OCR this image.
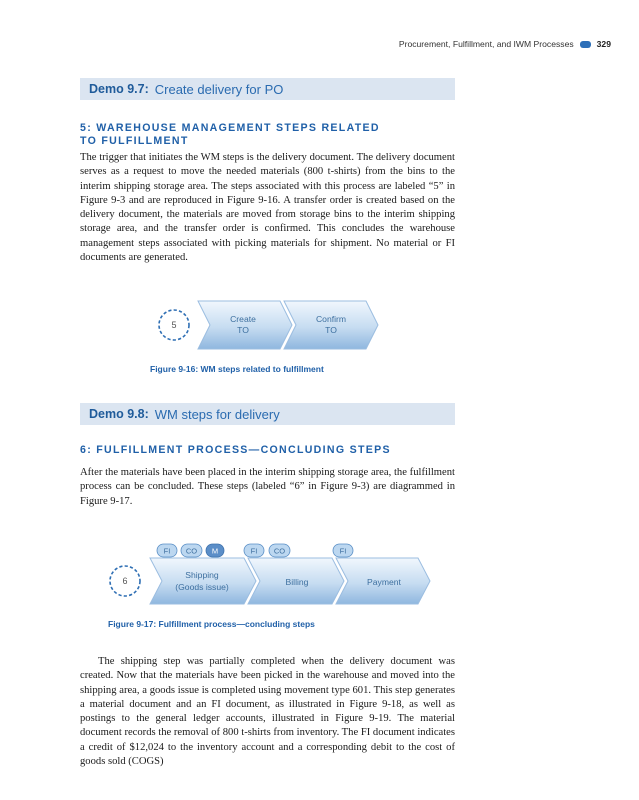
Procurement, Fulfillment, and IWM Processes	329
Demo 9.7: Create delivery for PO
5: WAREHOUSE MANAGEMENT STEPS RELATED
TO FULFILLMENT

The trigger that initiates the WM steps is the delivery document. The delivery document serves as a request to move the needed materials (800 t-shirts) from the bins to the interim shipping storage area. The steps associated with this process are labeled “5” in Figure 9-3 and are reproduced in Figure 9-16. A transfer order is created based on the delivery document, the materials are moved from storage bins to the interim shipping storage area, and the transfer order is confirmed. This concludes the warehouse management steps associated with picking materials for shipment. No material or FI documents are generated.

5
Create
TO
Confirm
TO
Figure 9-16: WM steps related to fulfillment
Demo 9.8: WM steps for delivery
6: FULFILLMENT PROCESS—CONCLUDING STEPS

After the materials have been placed in the interim shipping storage area, the fulfillment process can be concluded. These steps (labeled “6” in Figure 9-3) are diagrammed in Figure 9-17.

6
Shipping
(Goods issue)	Billing	Payment
FI CO M	FI CO	FI
Figure 9-17: Fulfillment process—concluding steps

The shipping step was partially completed when the delivery document was created. Now that the materials have been picked in the warehouse and moved into the shipping area, a goods issue is completed using movement type 601. This step generates a material document and an FI document, as illustrated in Figure 9-18, as well as postings to the general ledger accounts, illustrated in Figure 9-19. The material document records the removal of 800 t-shirts from inventory. The FI document indicates a credit of $12,024 to the inventory account and a corresponding debit to the cost of goods sold (COGS)
